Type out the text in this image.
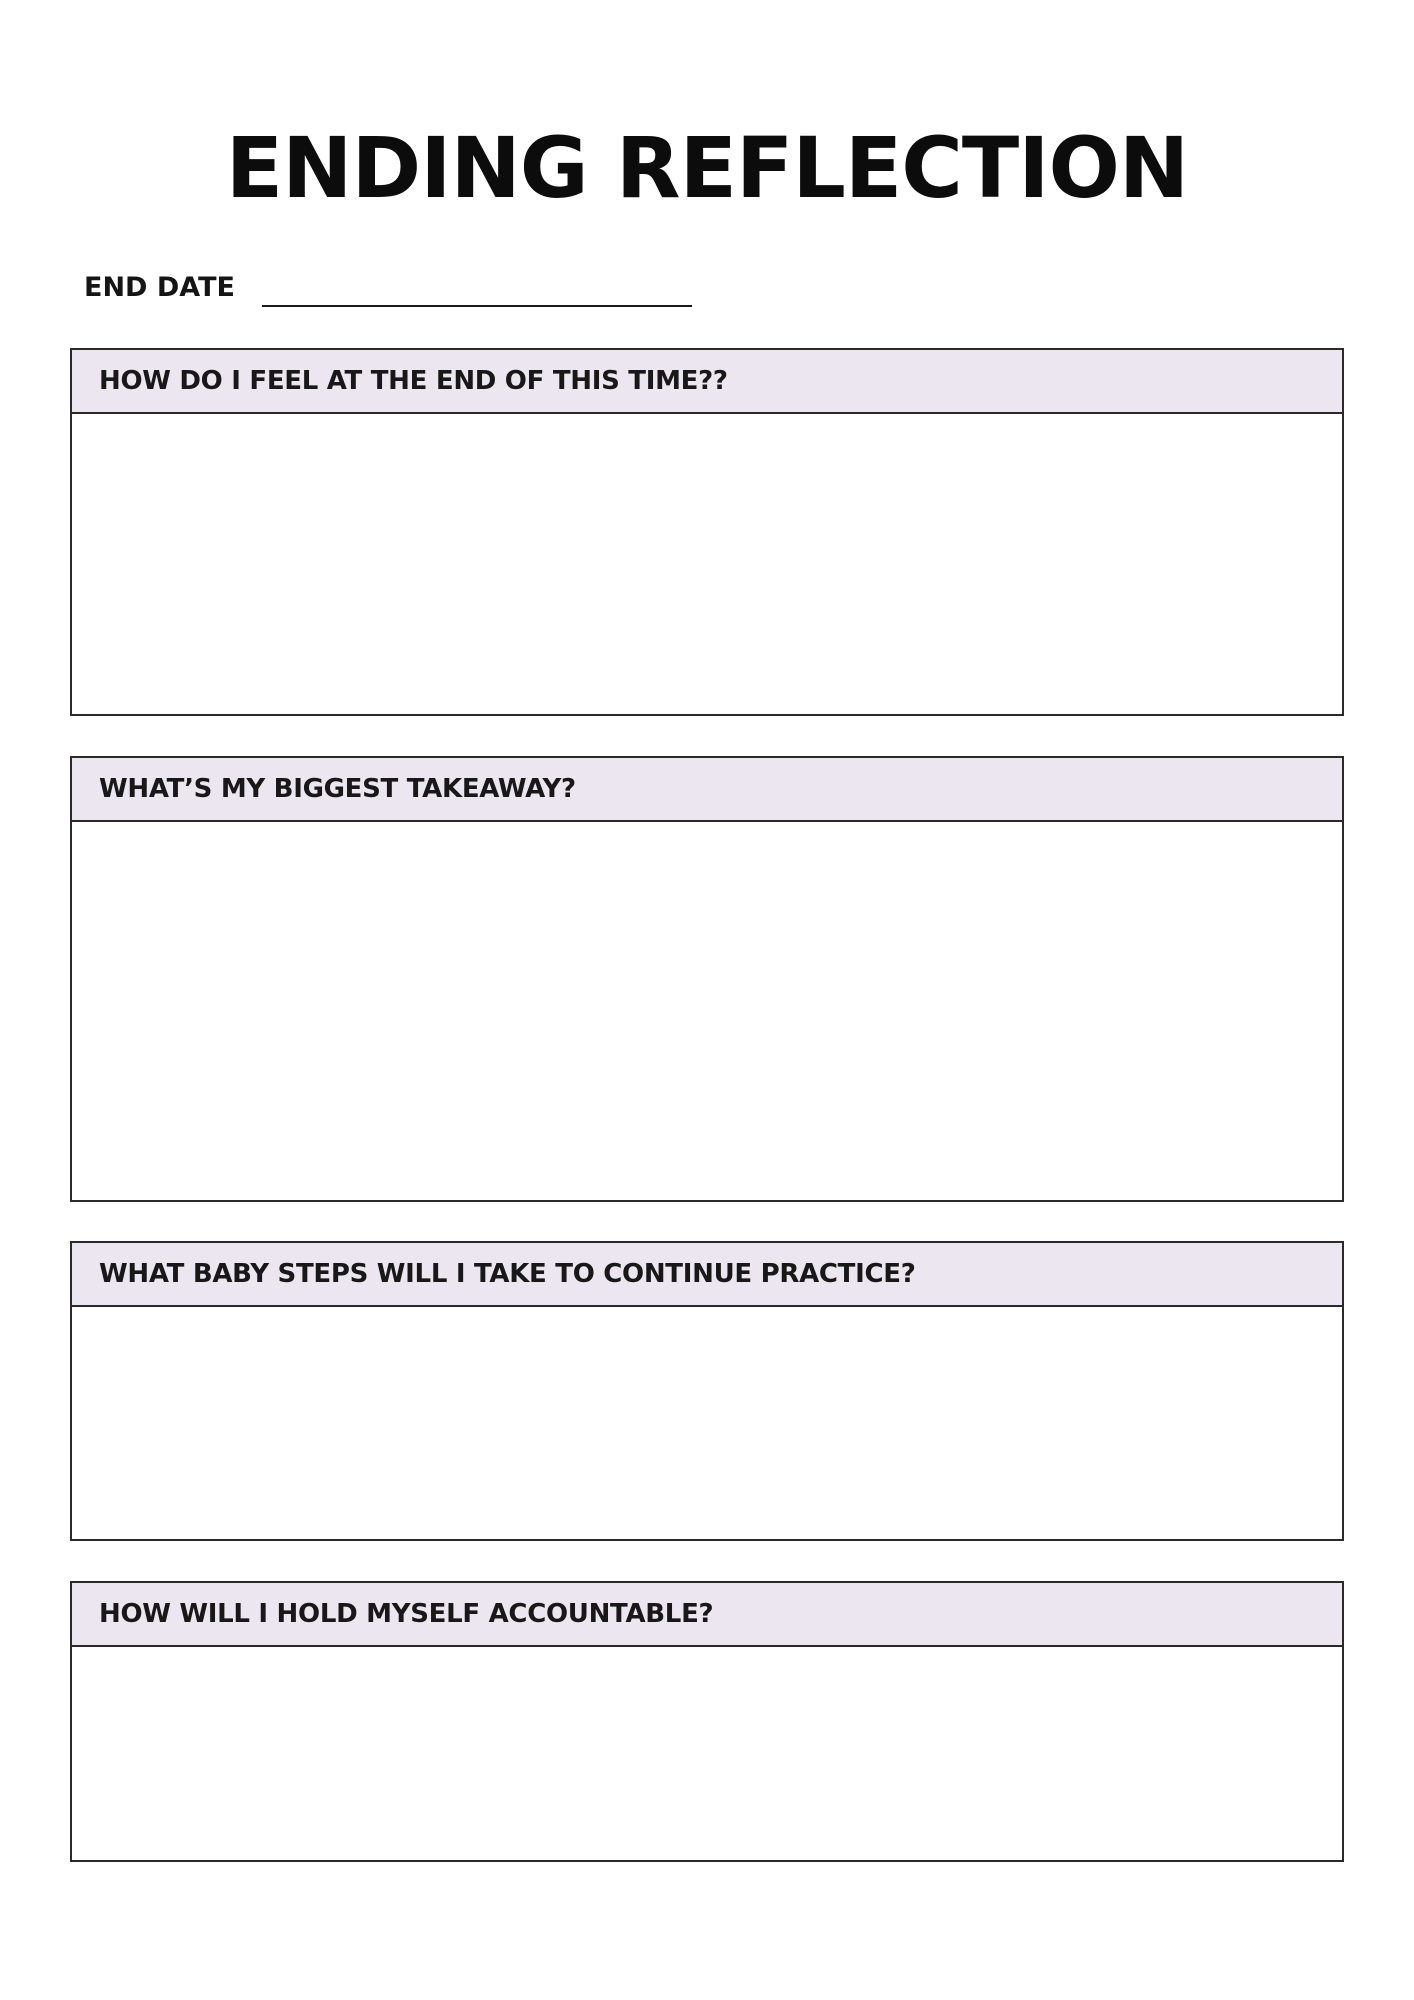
ENDING REFLECTION
END DATE
HOW DO I FEEL AT THE END OF THIS TIME??
WHAT’S MY BIGGEST TAKEAWAY?
WHAT BABY STEPS WILL I TAKE TO CONTINUE PRACTICE?
HOW WILL I HOLD MYSELF ACCOUNTABLE?
